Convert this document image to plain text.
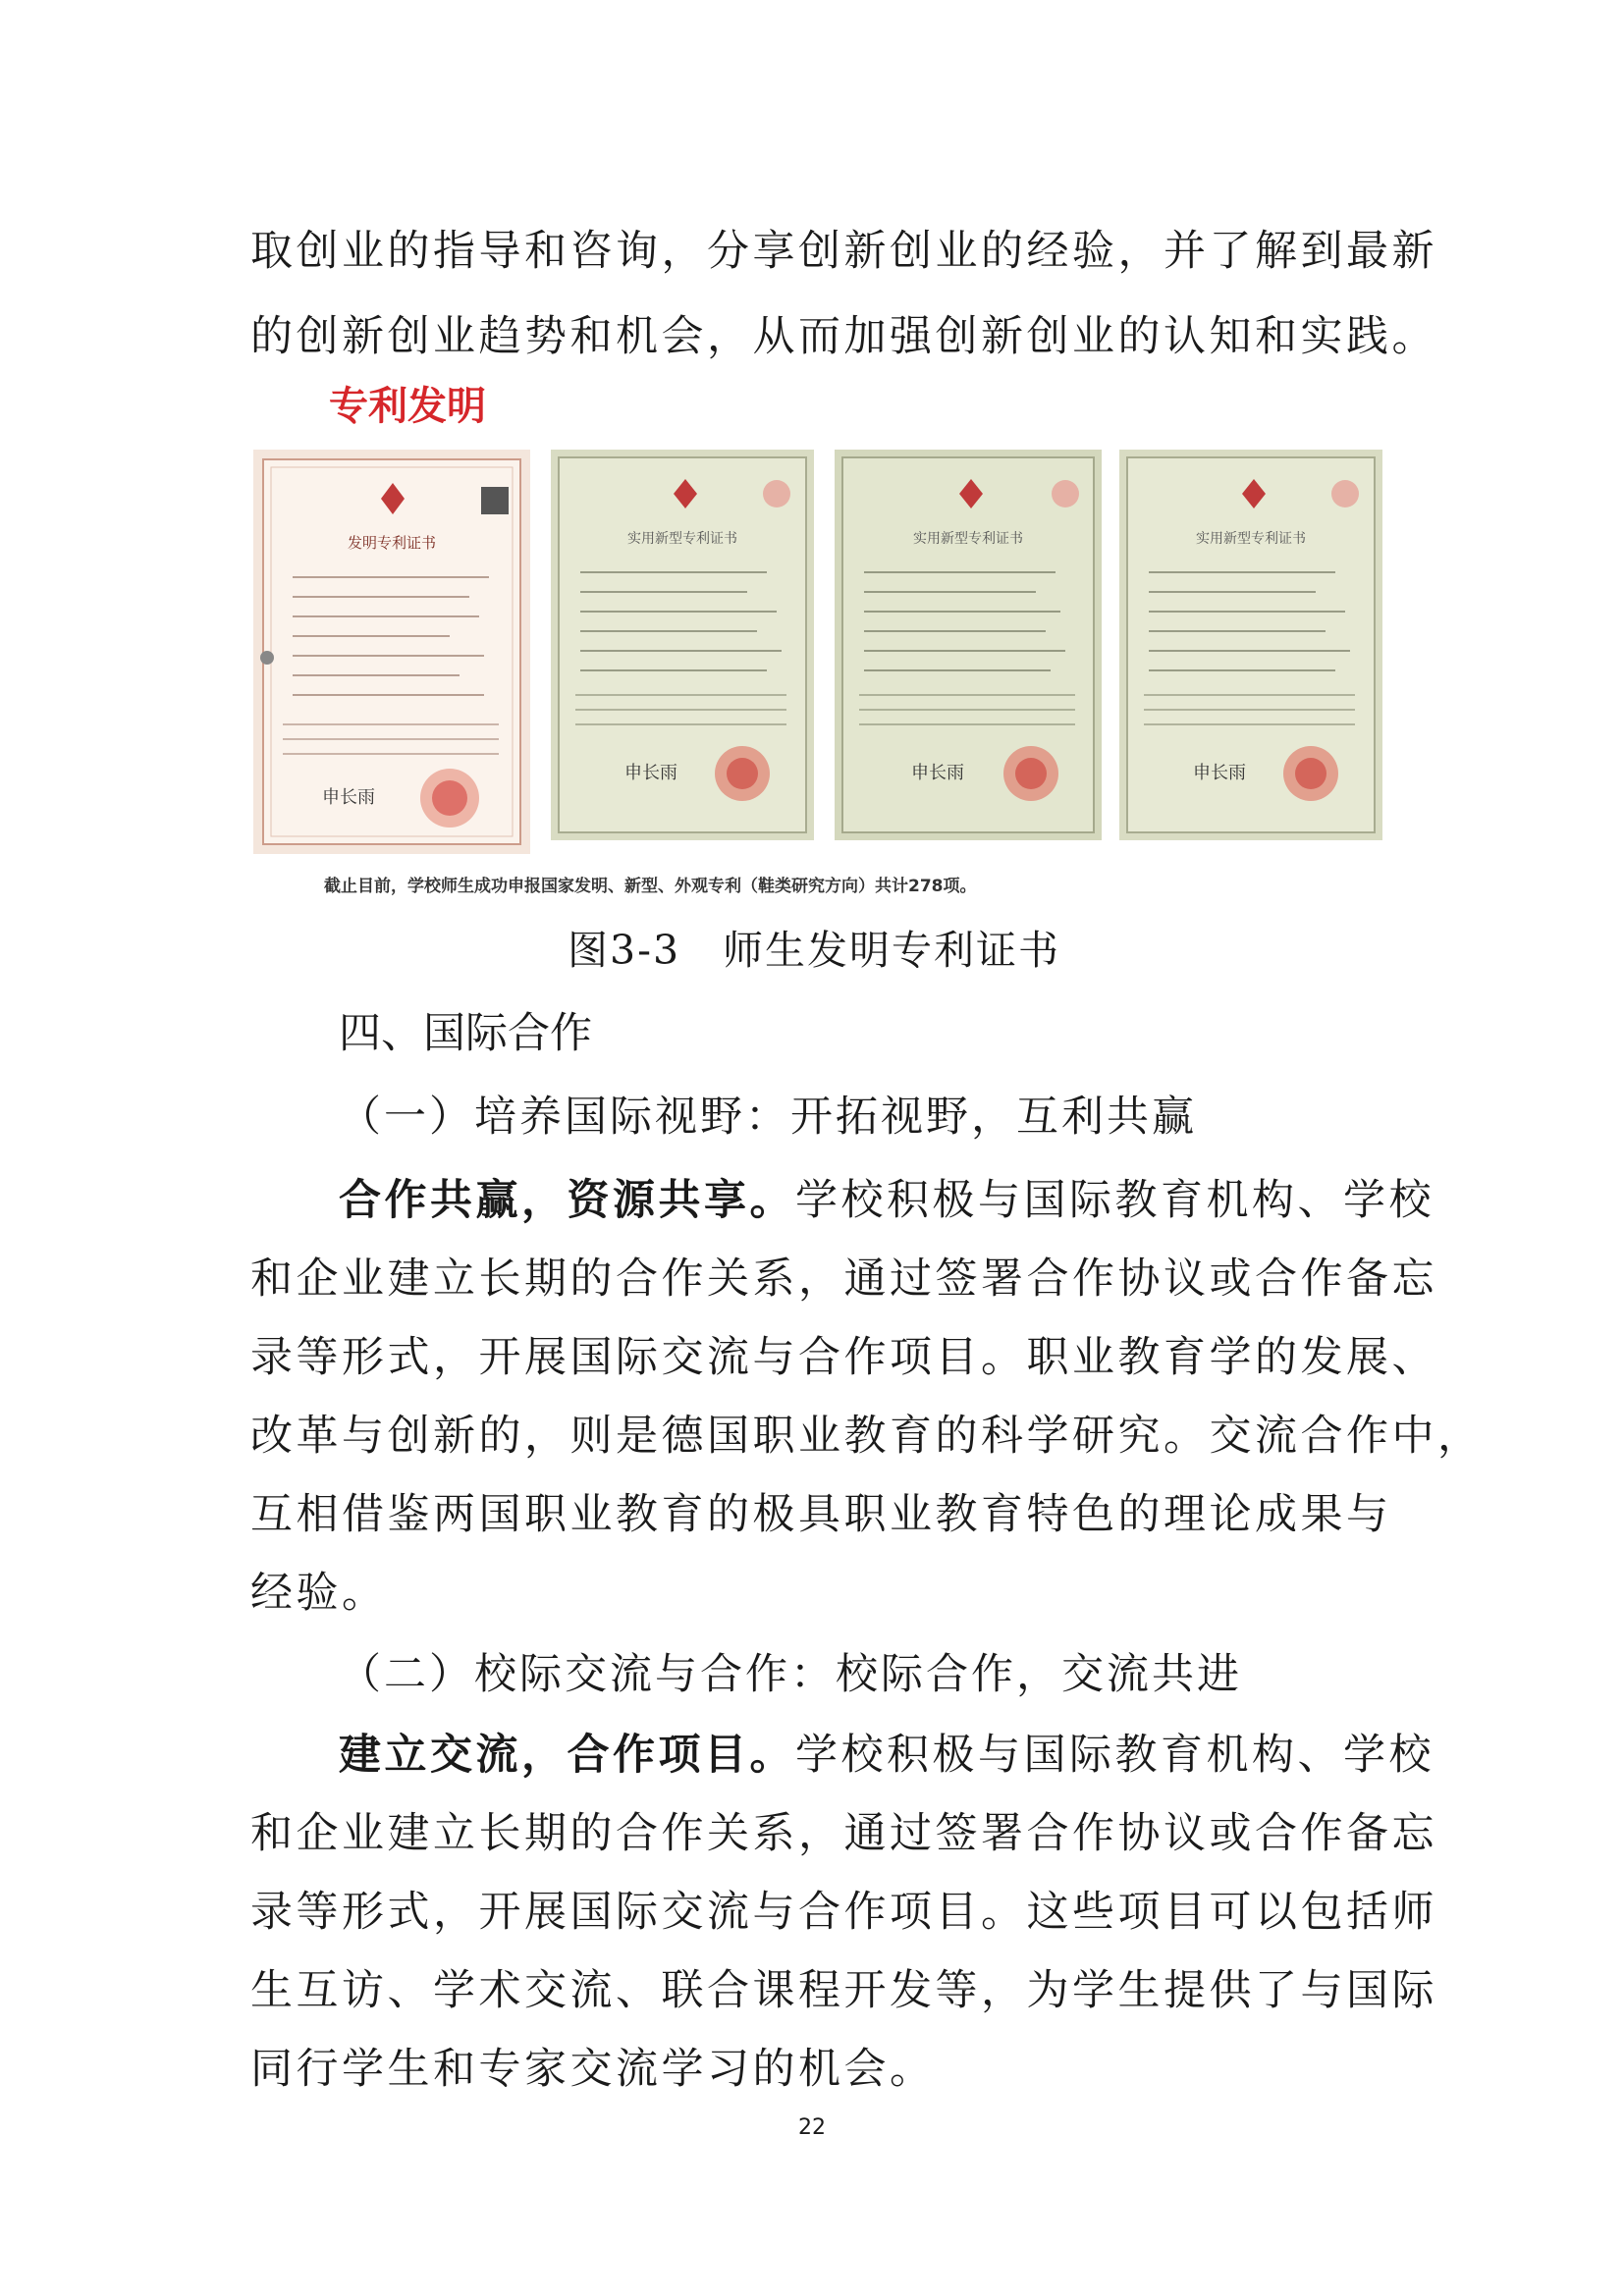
取创业的指导和咨询，分享创新创业的经验，并了解到最新
的创新创业趋势和机会，从而加强创新创业的认知和实践。
专利发明
发明专利证书
申长雨
实用新型专利证书
申长雨
实用新型专利证书
申长雨
实用新型专利证书
申长雨
截止目前，学校师生成功申报国家发明、新型、外观专利（鞋类研究方向）共计278项。
图3-3　师生发明专利证书
四、国际合作
（一）培养国际视野：开拓视野，互利共赢
合作共赢，资源共享。学校积极与国际教育机构、学校
和企业建立长期的合作关系，通过签署合作协议或合作备忘
录等形式，开展国际交流与合作项目。职业教育学的发展、
改革与创新的，则是德国职业教育的科学研究。交流合作中，
互相借鉴两国职业教育的极具职业教育特色的理论成果与
经验。
（二）校际交流与合作：校际合作，交流共进
建立交流，合作项目。学校积极与国际教育机构、学校
和企业建立长期的合作关系，通过签署合作协议或合作备忘
录等形式，开展国际交流与合作项目。这些项目可以包括师
生互访、学术交流、联合课程开发等，为学生提供了与国际
同行学生和专家交流学习的机会。
22
